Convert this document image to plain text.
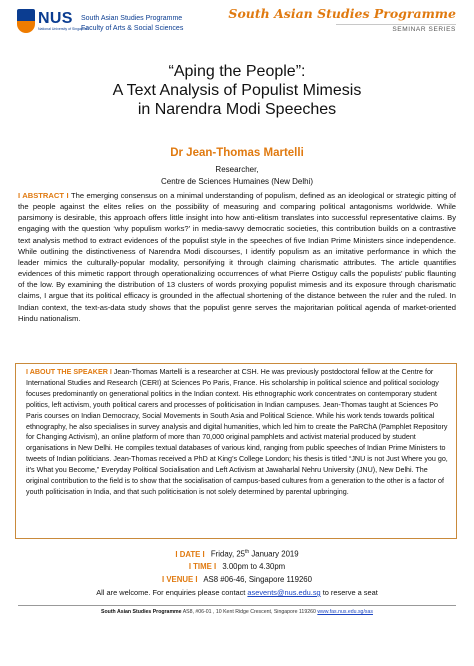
NUS
National University of Singapore
South Asian Studies Programme
Faculty of Arts & Social Sciences
South Asian Studies Programme
SEMINAR SERIES
“Aping the People”:
A Text Analysis of Populist Mimesis
in Narendra Modi Speeches
Dr Jean-Thomas Martelli
Researcher,
Centre de Sciences Humaines (New Delhi)
I ABSTRACT I The emerging consensus on a minimal understanding of populism, defined as an ideological or strategic pitting of the people against the elites relies on the possibility of measuring and comparing political antagonisms worldwide. While parsimony is desirable, this approach offers little insight into how anti-elitism translates into successful representative claims. By engaging with the question ‘why populism works?’ in media-savvy democratic societies, this contribution builds on a contrastive text analysis method to extract evidences of the populist style in the speeches of five Indian Prime Ministers since independence. While outlining the distinctiveness of Narendra Modi discourses, I identify populism as an imitative performance in which the leader mimics the culturally-popular modality, personifying it through claiming charismatic attributes. The article quantifies evidences of this mimetic rapport through operationalizing occurrences of what Pierre Ostiguy calls the populists’ public flaunting of the low. By examining the distribution of 13 clusters of words proxying populist mimesis and its exposure through charismatic claims, I argue that its political efficacy is grounded in the affectual shortening of the distance between the ruler and the ruled. In Indian context, the text-as-data study shows that the populist genre serves the majoritarian political agenda of market-oriented Hindu nationalism.
I ABOUT THE SPEAKER I Jean-Thomas Martelli is a researcher at CSH. He was previously postdoctoral fellow at the Centre for International Studies and Research (CERI) at Sciences Po Paris, France. His scholarship in political science and political sociology focuses predominantly on generational politics in the Indian context. His ethnographic work concentrates on contemporary student politics, left activism, youth political carers and processes of politicisation in Indian campuses. Jean-Thomas taught at Sciences Po Paris courses on Indian Democracy, Social Movements in South Asia and Political Science. While his work tends towards political ethnography, he also specialises in survey analysis and digital humanities, which led him to create the PaRChA (Pamphlet Repository for Changing Activism), an online platform of more than 70,000 original pamphlets and activist material produced by student organisations in New Delhi. He compiles textual databases of various kind, ranging from public speeches of Indian Prime Ministers to tweets of Indian politicians. Jean-Thomas received a PhD at King’s College London; his thesis is titled “JNU is not Just Where you go, it’s What you Become,” Everyday Political Socialisation and Left Activism at Jawaharlal Nehru University (JNU), New Delhi. The original contribution to the field is to show that the socialisation of campus-based cultures from a generation to the other is a factor of youth politicisation in India, and that such politicisation is not solely determined by parental upbringing.
I DATE I Friday, 25th January 2019
I TIME I 3.00pm to 4.30pm
I VENUE I AS8 #06-46, Singapore 119260
All are welcome. For enquiries please contact asevents@nus.edu.sg to reserve a seat
South Asian Studies Programme AS8, #06-01 , 10 Kent Ridge Crescent, Singapore 119260 www.fas.nus.edu.sg/sas
